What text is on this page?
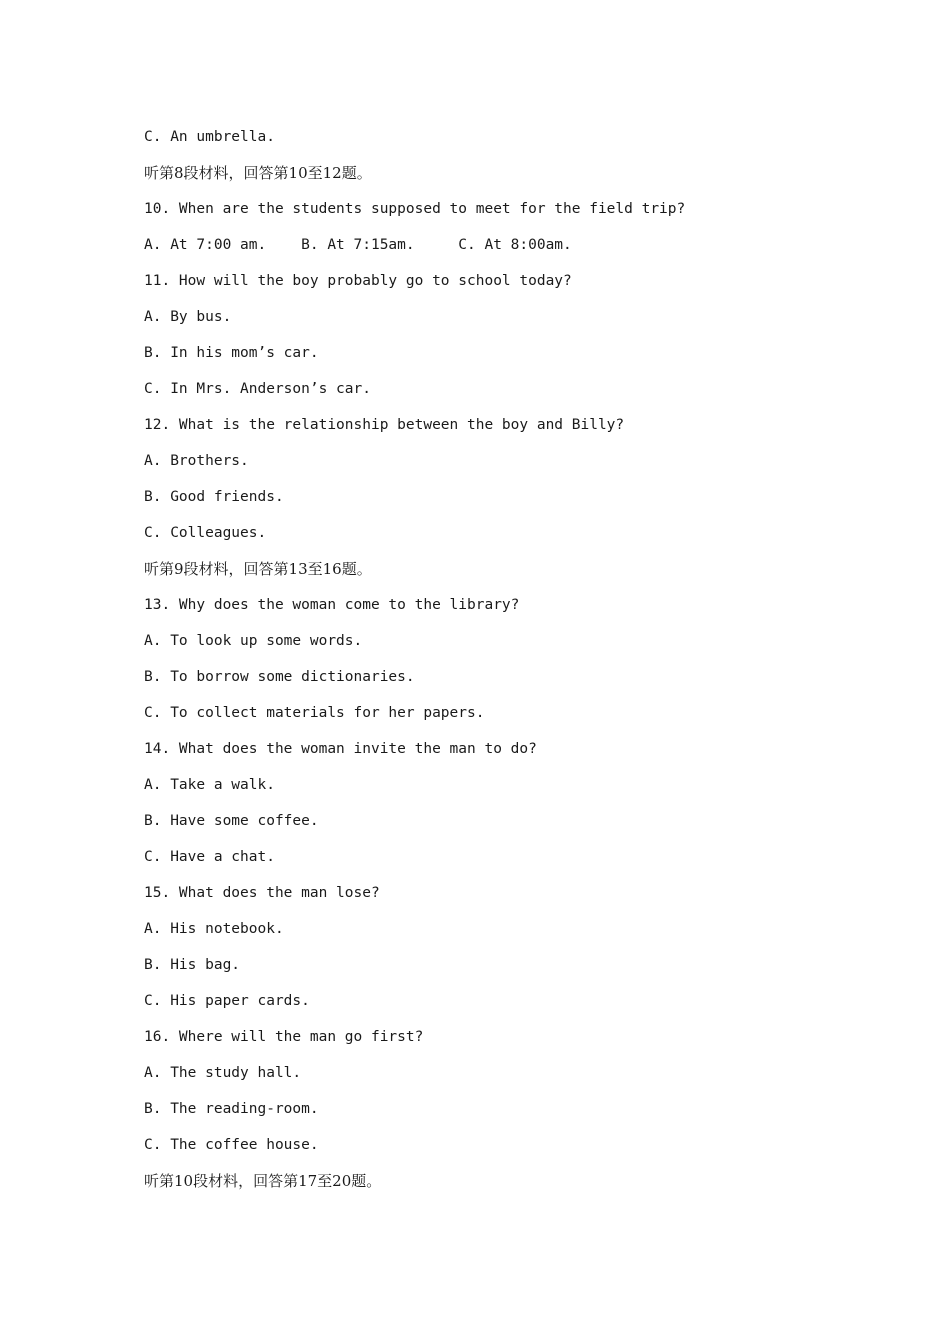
C. An umbrella.
听第8段材料，回答第10至12题。
10. When are the students supposed to meet for the field trip?
A. At 7:00 am.    B. At 7:15am.     C. At 8:00am.
11. How will the boy probably go to school today?
A. By bus.
B. In his mom’s car.
C. In Mrs. Anderson’s car.
12. What is the relationship between the boy and Billy?
A. Brothers.
B. Good friends.
C. Colleagues.
听第9段材料，回答第13至16题。
13. Why does the woman come to the library?
A. To look up some words.
B. To borrow some dictionaries.
C. To collect materials for her papers.
14. What does the woman invite the man to do?
A. Take a walk.
B. Have some coffee.
C. Have a chat.
15. What does the man lose?
A. His notebook.
B. His bag.
C. His paper cards.
16. Where will the man go first?
A. The study hall.
B. The reading-room.
C. The coffee house.
听第10段材料，回答第17至20题。
